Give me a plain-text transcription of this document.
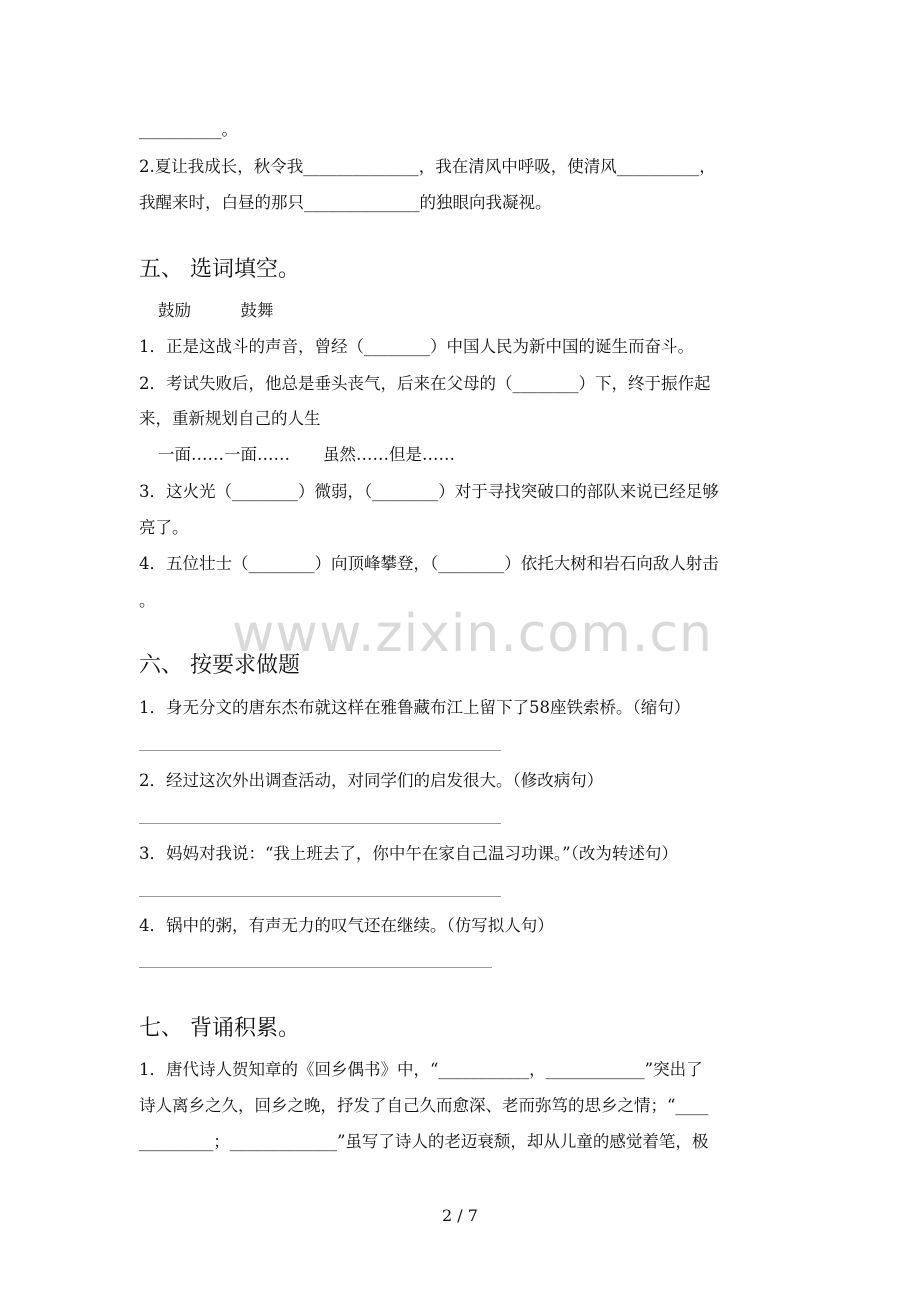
__________。
2.夏让我成长，秋令我______________，我在清风中呼吸，使清风__________，
我醒来时，白昼的那只______________的独眼向我凝视。
五、 选词填空。
鼓励　　　鼓舞
1．正是这战斗的声音，曾经（________）中国人民为新中国的诞生而奋斗。
2．考试失败后，他总是垂头丧气，后来在父母的（________）下，终于振作起
来，重新规划自己的人生
一面……一面……　　虽然……但是……
3．这火光（________）微弱，（________）对于寻找突破口的部队来说已经足够
亮了。
4．五位壮士（________）向顶峰攀登，（________）依托大树和岩石向敌人射击
。
www.zixin.com.cn
六、 按要求做题
1．身无分文的唐东杰布就这样在雅鲁藏布江上留下了58座铁索桥。（缩句）
2．经过这次外出调查活动，对同学们的启发很大。（修改病句）
3．妈妈对我说：“我上班去了，你中午在家自己温习功课。”（改为转述句）
4．锅中的粥，有声无力的叹气还在继续。（仿写拟人句）
七、 背诵积累。
1．唐代诗人贺知章的《回乡偶书》中，“___________，____________”突出了
诗人离乡之久，回乡之晚，抒发了自己久而愈深、老而弥笃的思乡之情；“____
_________；_____________”虽写了诗人的老迈衰颓，却从儿童的感觉着笔，极
2 / 7
